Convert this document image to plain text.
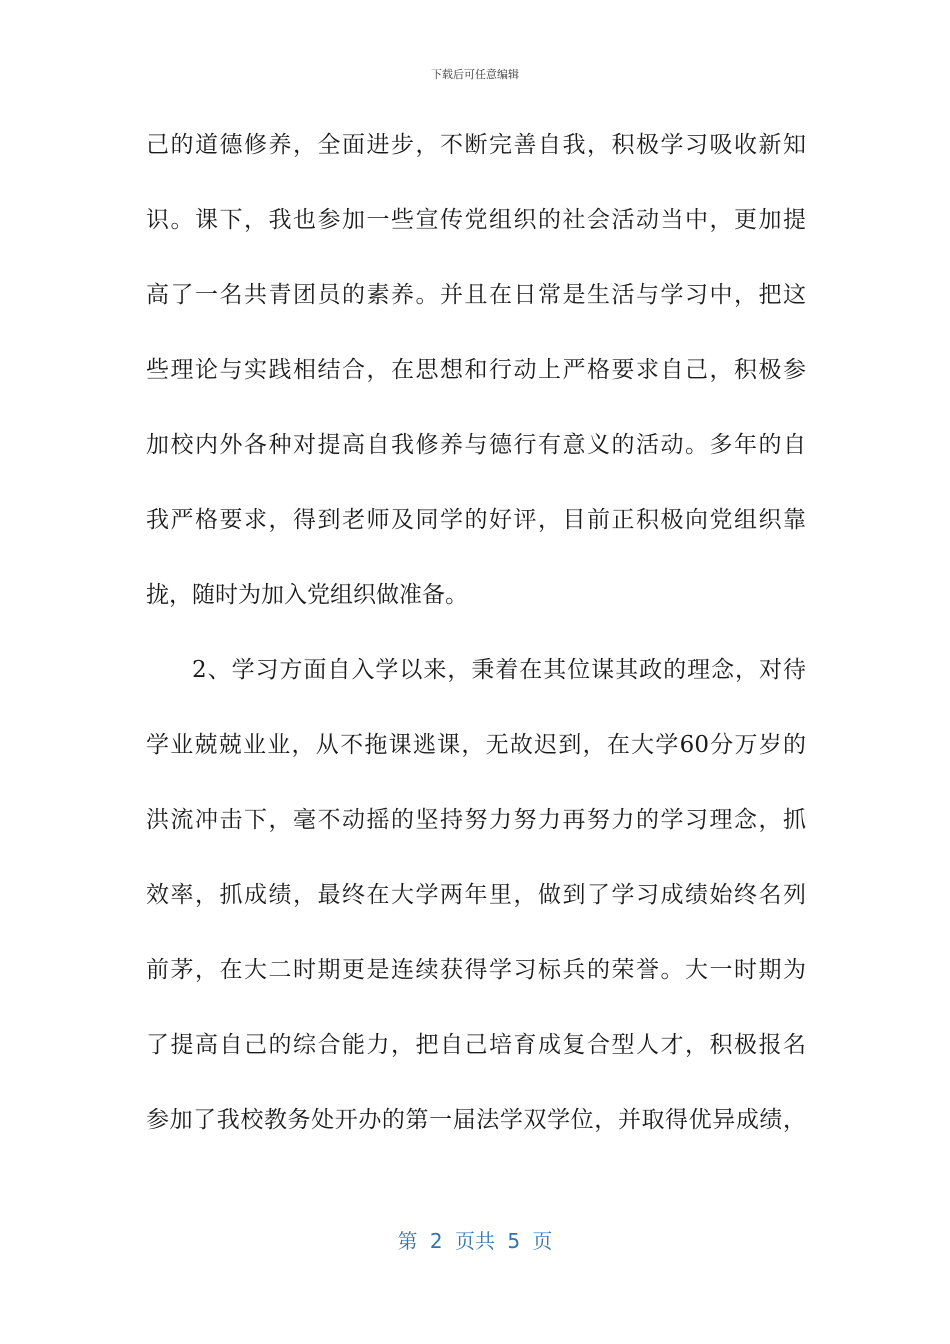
下载后可任意编辑
己的道德修养，全面进步，不断完善自我，积极学习吸收新知
识。课下，我也参加一些宣传党组织的社会活动当中，更加提
高了一名共青团员的素养。并且在日常是生活与学习中，把这
些理论与实践相结合，在思想和行动上严格要求自己，积极参
加校内外各种对提高自我修养与德行有意义的活动。多年的自
我严格要求，得到老师及同学的好评，目前正积极向党组织靠
拢，随时为加入党组织做准备。
2、学习方面自入学以来，秉着在其位谋其政的理念，对待
学业兢兢业业，从不拖课逃课，无故迟到，在大学60分万岁的
洪流冲击下，毫不动摇的坚持努力努力再努力的学习理念，抓
效率，抓成绩，最终在大学两年里，做到了学习成绩始终名列
前茅，在大二时期更是连续获得学习标兵的荣誉。大一时期为
了提高自己的综合能力，把自己培育成复合型人才，积极报名
参加了我校教务处开办的第一届法学双学位，并取得优异成绩，
第 2 页共 5 页
